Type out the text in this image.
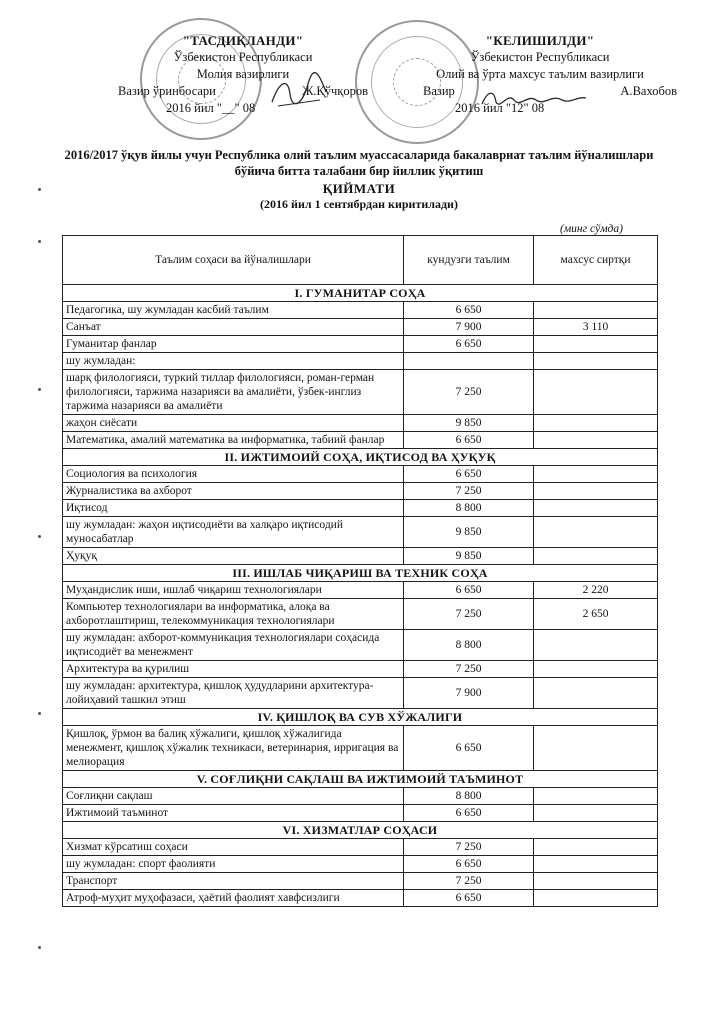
"ТАСДИҚЛАНДИ"
Ўзбекистон Республикаси
Молия вазирлиги
Вазир ўринбосари	Ж.Қўчқоров
2016 йил "__" 08
"КЕЛИШИЛДИ"
Ўзбекистон Республикаси
Олий ва ўрта махсус таълим вазирлиги
Вазир	А.Вахобов
2016 йил "12" 08
2016/2017 ўқув йилы учун Республика олий таълим муассасаларида бакалавриат таълим йўналишлари
бўйича битта талабани бир йиллик ўқитиш
ҚИЙМАТИ
(2016 йил 1 сентябрдан киритилади)
(минг сўмда)
Таълим соҳаси ва йўналишлари	кундузги таълим	махсус сиртқи
I. ГУМАНИТАР СОҲА		
Педагогика, шу жумладан касбий таълим	6 650	
Санъат	7 900	3 110
Гуманитар фанлар	6 650	
шу жумладан:		
шарқ филологияси, туркий тиллар филологияси, роман-герман филологияси, таржима назарияси ва амалиёти, ўзбек-инглиз таржима назарияси ва амалиёти	7 250	
жаҳон сиёсати	9 850	
Математика, амалий математика ва информатика, табиий фанлар	6 650	
II. ИЖТИМОИЙ СОҲА, ИҚТИСОД ВА ҲУҚУҚ		
Социология ва психология	6 650	
Журналистика ва ахборот	7 250	
Иқтисод	8 800	
шу жумладан: жаҳон иқтисодиёти ва халқаро иқтисодий муносабатлар	9 850	
Ҳуқуқ	9 850	
III. ИШЛАБ ЧИҚАРИШ ВА ТЕХНИК СОҲА		
Муҳандислик иши, ишлаб чиқариш технологиялари	6 650	2 220
Компьютер технологиялари ва информатика, алоқа ва ахборотлаштириш, телекоммуникация технологиялари	7 250	2 650
шу жумладан: ахборот-коммуникация технологиялари соҳасида иқтисодиёт ва менежмент	8 800	
Архитектура ва қурилиш	7 250	
шу жумладан: архитектура, қишлоқ ҳудудларини архитектура-лойиҳавий ташкил этиш	7 900	
IV. ҚИШЛОҚ ВА СУВ ХЎЖАЛИГИ		
Қишлоқ, ўрмон ва балиқ хўжалиги, қишлоқ хўжалигида менежмент, қишлоқ хўжалик техникаси, ветеринария, ирригация ва мелиорация	6 650	
V. СОҒЛИҚНИ САҚЛАШ ВА ИЖТИМОИЙ ТАЪМИНОТ		
Соғлиқни сақлаш	8 800	
Ижтимоий таъминот	6 650	
VI. ХИЗМАТЛАР СОҲАСИ		
Хизмат кўрсатиш соҳаси	7 250	
шу жумладан: спорт фаолияти	6 650	
Транспорт	7 250	
Атроф-муҳит муҳофазаси, ҳаётий фаолият хавфсизлиги	6 650	
